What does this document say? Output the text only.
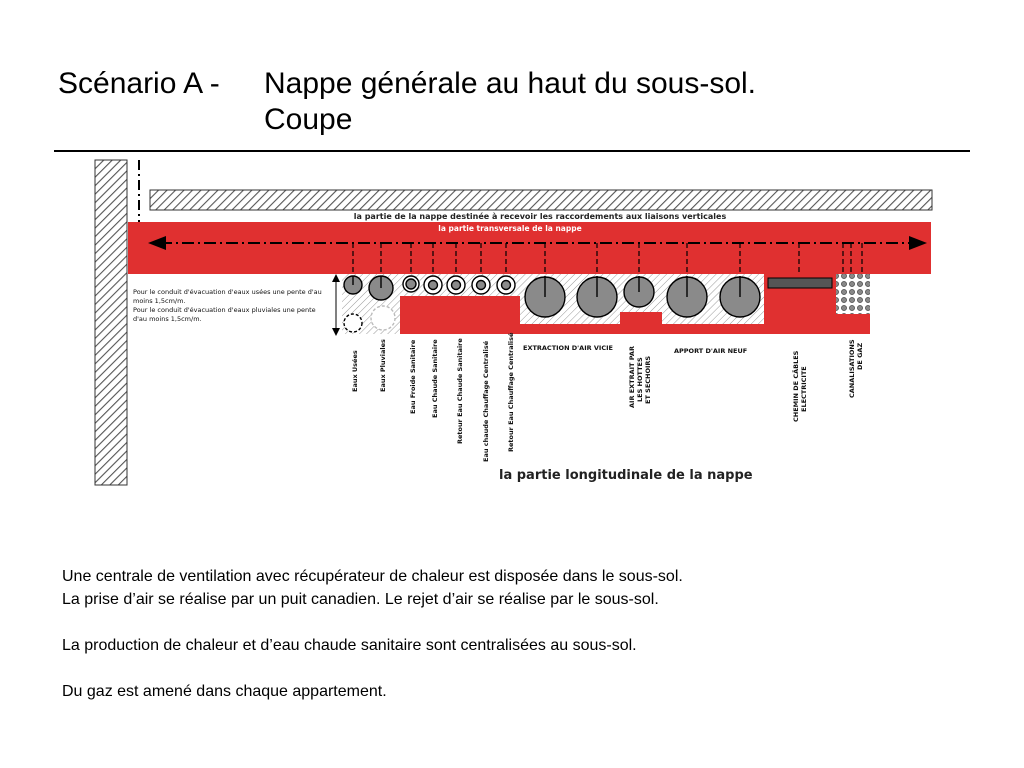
Scénario A - Nappe générale au haut du sous-sol.
Coupe
la partie de la nappe destinée à recevoir les raccordements aux liaisons verticales
la partie transversale de la nappe
Pour le conduit d'évacuation d'eaux usées une pente d'au
moins 1,5cm/m.
Pour le conduit d'évacuation d'eaux pluviales une pente
d'au moins 1,5cm/m.
Eaux Usées	Eaux Pluviales	Eau Froide Sanitaire Eau Chaude Sanitaire	Retour Eau Chaude Sanitaire	Eau chaude Chauffage Centralisé	Retour Eau Chauffage Centralisé EXTRACTION D'AIR VICIE AIR EXTRAIT PAR LES HOTTES ET SECHOIRS
APPORT D'AIR NEUF	CHEMIN DE CÂBLES ELECTRICITE	CANALISATIONS DE GAZ
la partie longitudinale de la nappe

Une centrale de ventilation avec récupérateur de chaleur est disposée dans le sous-sol.

La prise d’air se réalise par un puit canadien. Le rejet d’air se réalise par le sous-sol.

La production de chaleur et d’eau chaude sanitaire sont centralisées au sous-sol.

Du gaz est amené dans chaque appartement.
